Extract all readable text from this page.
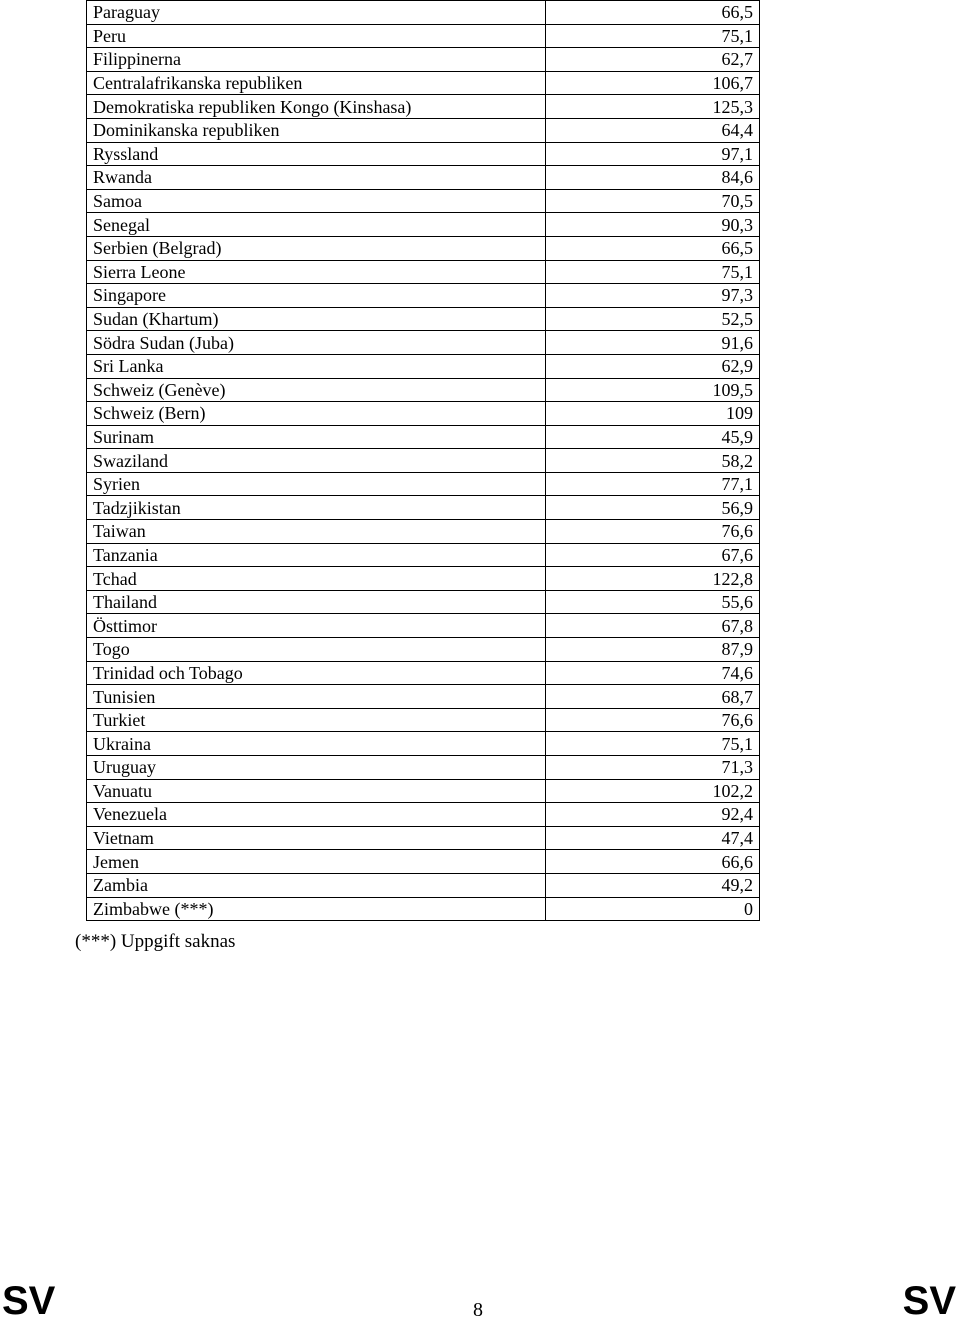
Paraguay	66,5
Peru	75,1
Filippinerna	62,7
Centralafrikanska republiken	106,7
Demokratiska republiken Kongo (Kinshasa)	125,3
Dominikanska republiken	64,4
Ryssland	97,1
Rwanda	84,6
Samoa	70,5
Senegal	90,3
Serbien (Belgrad)	66,5
Sierra Leone	75,1
Singapore	97,3
Sudan (Khartum)	52,5
Södra Sudan (Juba)	91,6
Sri Lanka	62,9
Schweiz (Genève)	109,5
Schweiz (Bern)	109
Surinam	45,9
Swaziland	58,2
Syrien	77,1
Tadzjikistan	56,9
Taiwan	76,6
Tanzania	67,6
Tchad	122,8
Thailand	55,6
Östtimor	67,8
Togo	87,9
Trinidad och Tobago	74,6
Tunisien	68,7
Turkiet	76,6
Ukraina	75,1
Uruguay	71,3
Vanuatu	102,2
Venezuela	92,4
Vietnam	47,4
Jemen	66,6
Zambia	49,2
Zimbabwe (***)	0
(***) Uppgift saknas
SV	8	SV
